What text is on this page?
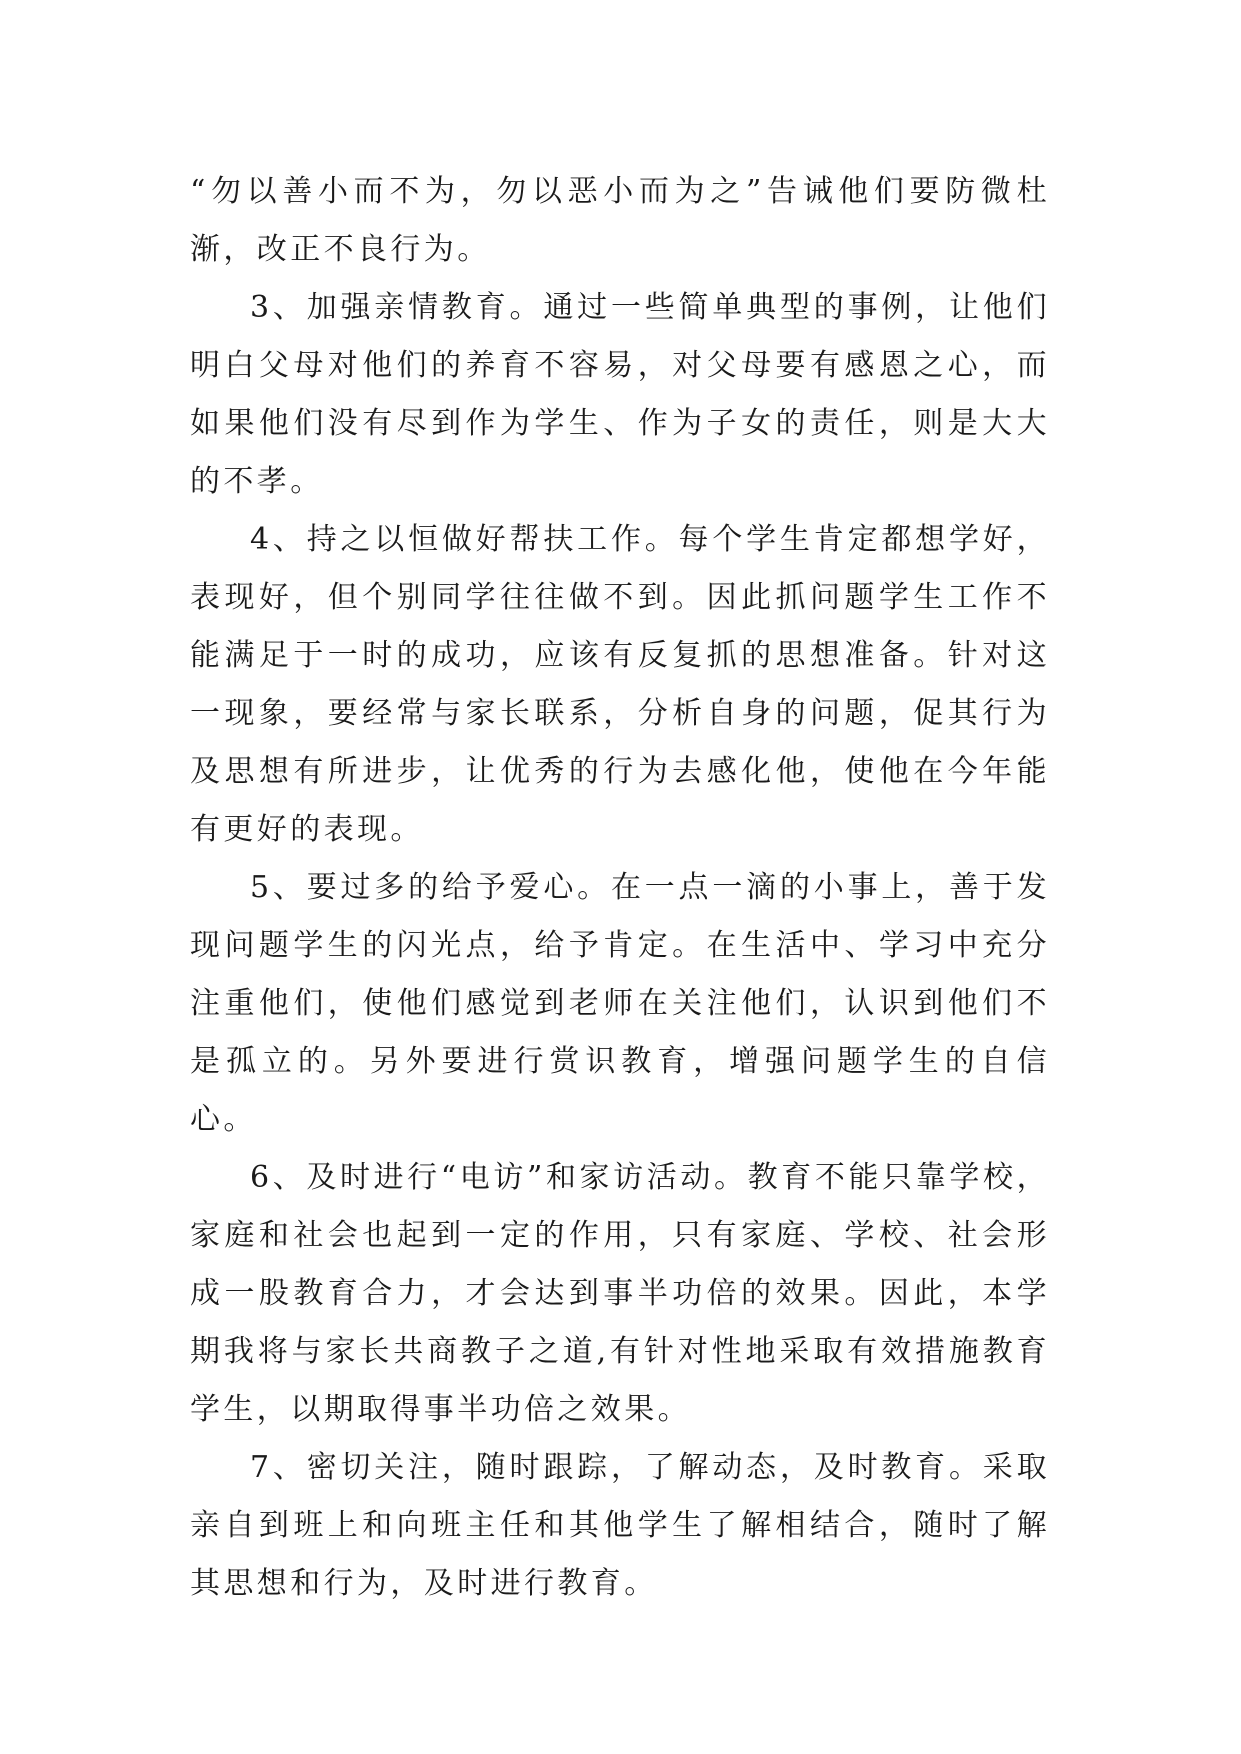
“勿以善小而不为，勿以恶小而为之”告诫他们要防微杜渐，改正不良行为。

3、加强亲情教育。通过一些简单典型的事例，让他们明白父母对他们的养育不容易，对父母要有感恩之心，而如果他们没有尽到作为学生、作为子女的责任，则是大大的不孝。

4、持之以恒做好帮扶工作。每个学生肯定都想学好，表现好，但个别同学往往做不到。因此抓问题学生工作不能满足于一时的成功，应该有反复抓的思想准备。针对这一现象，要经常与家长联系，分析自身的问题，促其行为及思想有所进步，让优秀的行为去感化他，使他在今年能有更好的表现。

5、要过多的给予爱心。在一点一滴的小事上，善于发现问题学生的闪光点，给予肯定。在生活中、学习中充分注重他们，使他们感觉到老师在关注他们，认识到他们不是孤立的。另外要进行赏识教育，增强问题学生的自信心。

6、及时进行“电访”和家访活动。教育不能只靠学校，家庭和社会也起到一定的作用，只有家庭、学校、社会形成一股教育合力，才会达到事半功倍的效果。因此，本学期我将与家长共商教子之道,有针对性地采取有效措施教育学生，以期取得事半功倍之效果。

7、密切关注，随时跟踪，了解动态，及时教育。采取亲自到班上和向班主任和其他学生了解相结合，随时了解其思想和行为，及时进行教育。
